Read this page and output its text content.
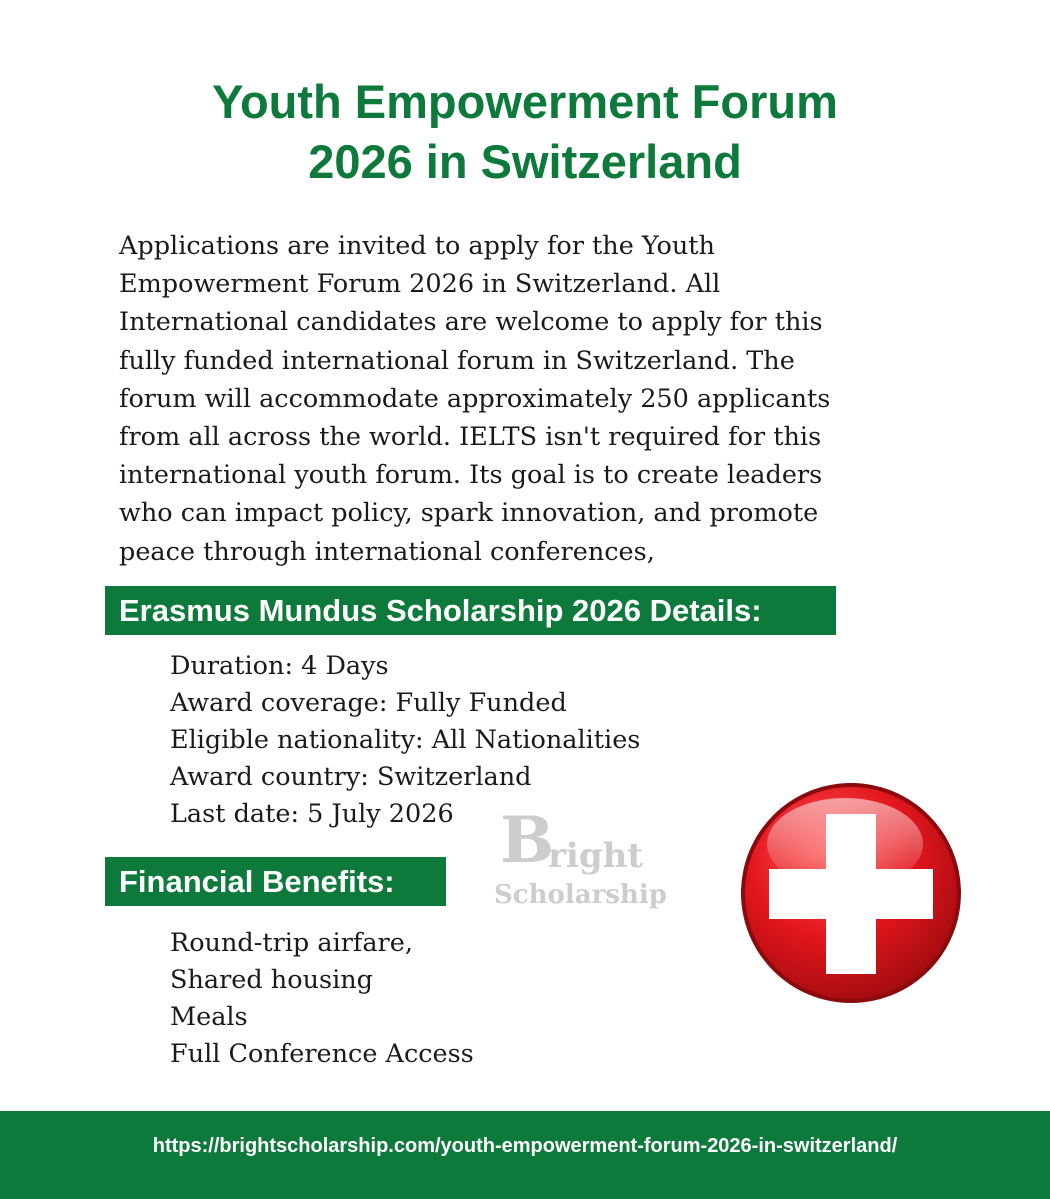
Youth Empowerment Forum
2026 in Switzerland

Applications are invited to apply for the Youth
Empowerment Forum 2026 in Switzerland. All
International candidates are welcome to apply for this
fully funded international forum in Switzerland. The
forum will accommodate approximately 250 applicants
from all across the world. IELTS isn't required for this
international youth forum. Its goal is to create leaders
who can impact policy, spark innovation, and promote
peace through international conferences,

Erasmus Mundus Scholarship 2026 Details:
Duration: 4 Days
Award coverage: Fully Funded
Eligible nationality: All Nationalities
Award country: Switzerland
Last date: 5 July 2026 B
right
Scholarship
Financial Benefits:
Round-trip airfare,
Shared housing
Meals
Full Conference Access
https://brightscholarship.com/youth-empowerment-forum-2026-in-switzerland/
